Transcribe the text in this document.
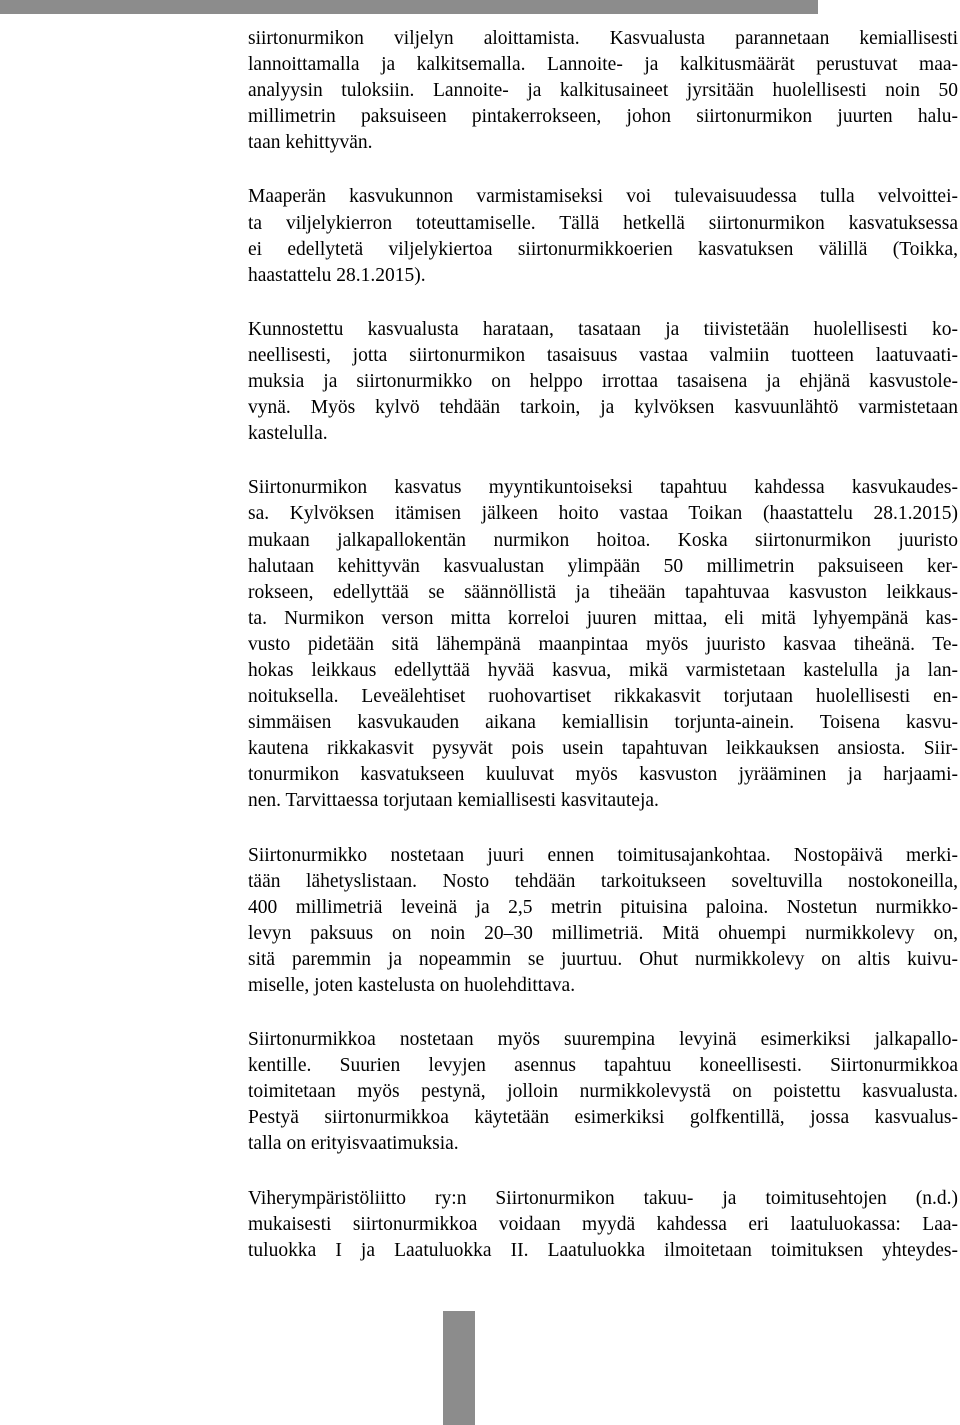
siirtonurmikon viljelyn aloittamista. Kasvualusta parannetaan kemiallisesti
lannoittamalla ja kalkitsemalla. Lannoite- ja kalkitusmäärät perustuvat maa-
analyysin tuloksiin. Lannoite- ja kalkitusaineet jyrsitään huolellisesti noin 50
millimetrin paksuiseen pintakerrokseen, johon siirtonurmikon juurten halu-
taan kehittyvän.

Maaperän kasvukunnon varmistamiseksi voi tulevaisuudessa tulla velvoittei-
ta viljelykierron toteuttamiselle. Tällä hetkellä siirtonurmikon kasvatuksessa
ei edellytetä viljelykiertoa siirtonurmikkoerien kasvatuksen välillä (Toikka,
haastattelu 28.1.2015).

Kunnostettu kasvualusta harataan, tasataan ja tiivistetään huolellisesti ko-
neellisesti, jotta siirtonurmikon tasaisuus vastaa valmiin tuotteen laatuvaati-
muksia ja siirtonurmikko on helppo irrottaa tasaisena ja ehjänä kasvustole-
vynä. Myös kylvö tehdään tarkoin, ja kylvöksen kasvuunlähtö varmistetaan
kastelulla.

Siirtonurmikon kasvatus myyntikuntoiseksi tapahtuu kahdessa kasvukaudes-
sa. Kylvöksen itämisen jälkeen hoito vastaa Toikan (haastattelu 28.1.2015)
mukaan jalkapallokentän nurmikon hoitoa. Koska siirtonurmikon juuristo
halutaan kehittyvän kasvualustan ylimpään 50 millimetrin paksuiseen ker-
rokseen, edellyttää se säännöllistä ja tiheään tapahtuvaa kasvuston leikkaus-
ta. Nurmikon verson mitta korreloi juuren mittaa, eli mitä lyhyempänä kas-
vusto pidetään sitä lähempänä maanpintaa myös juuristo kasvaa tiheänä. Te-
hokas leikkaus edellyttää hyvää kasvua, mikä varmistetaan kastelulla ja lan-
noituksella. Leveälehtiset ruohovartiset rikkakasvit torjutaan huolellisesti en-
simmäisen kasvukauden aikana kemiallisin torjunta-ainein. Toisena kasvu-
kautena rikkakasvit pysyvät pois usein tapahtuvan leikkauksen ansiosta. Siir-
tonurmikon kasvatukseen kuuluvat myös kasvuston jyrääminen ja harjaami-
nen. Tarvittaessa torjutaan kemiallisesti kasvitauteja.

Siirtonurmikko nostetaan juuri ennen toimitusajankohtaa. Nostopäivä merki-
tään lähetyslistaan. Nosto tehdään tarkoitukseen soveltuvilla nostokoneilla,
400 millimetriä leveinä ja 2,5 metrin pituisina paloina. Nostetun nurmikko-
levyn paksuus on noin 20–30 millimetriä. Mitä ohuempi nurmikkolevy on,
sitä paremmin ja nopeammin se juurtuu. Ohut nurmikkolevy on altis kuivu-
miselle, joten kastelusta on huolehdittava.

Siirtonurmikkoa nostetaan myös suurempina levyinä esimerkiksi jalkapallo-
kentille. Suurien levyjen asennus tapahtuu koneellisesti. Siirtonurmikkoa
toimitetaan myös pestynä, jolloin nurmikkolevystä on poistettu kasvualusta.
Pestyä siirtonurmikkoa käytetään esimerkiksi golfkentillä, jossa kasvualus-
talla on erityisvaatimuksia.

Viherympäristöliitto ry:n Siirtonurmikon takuu- ja toimitusehtojen (n.d.)
mukaisesti siirtonurmikkoa voidaan myydä kahdessa eri laatuluokassa: Laa-
tuluokka I ja Laatuluokka II. Laatuluokka ilmoitetaan toimituksen yhteydes-
